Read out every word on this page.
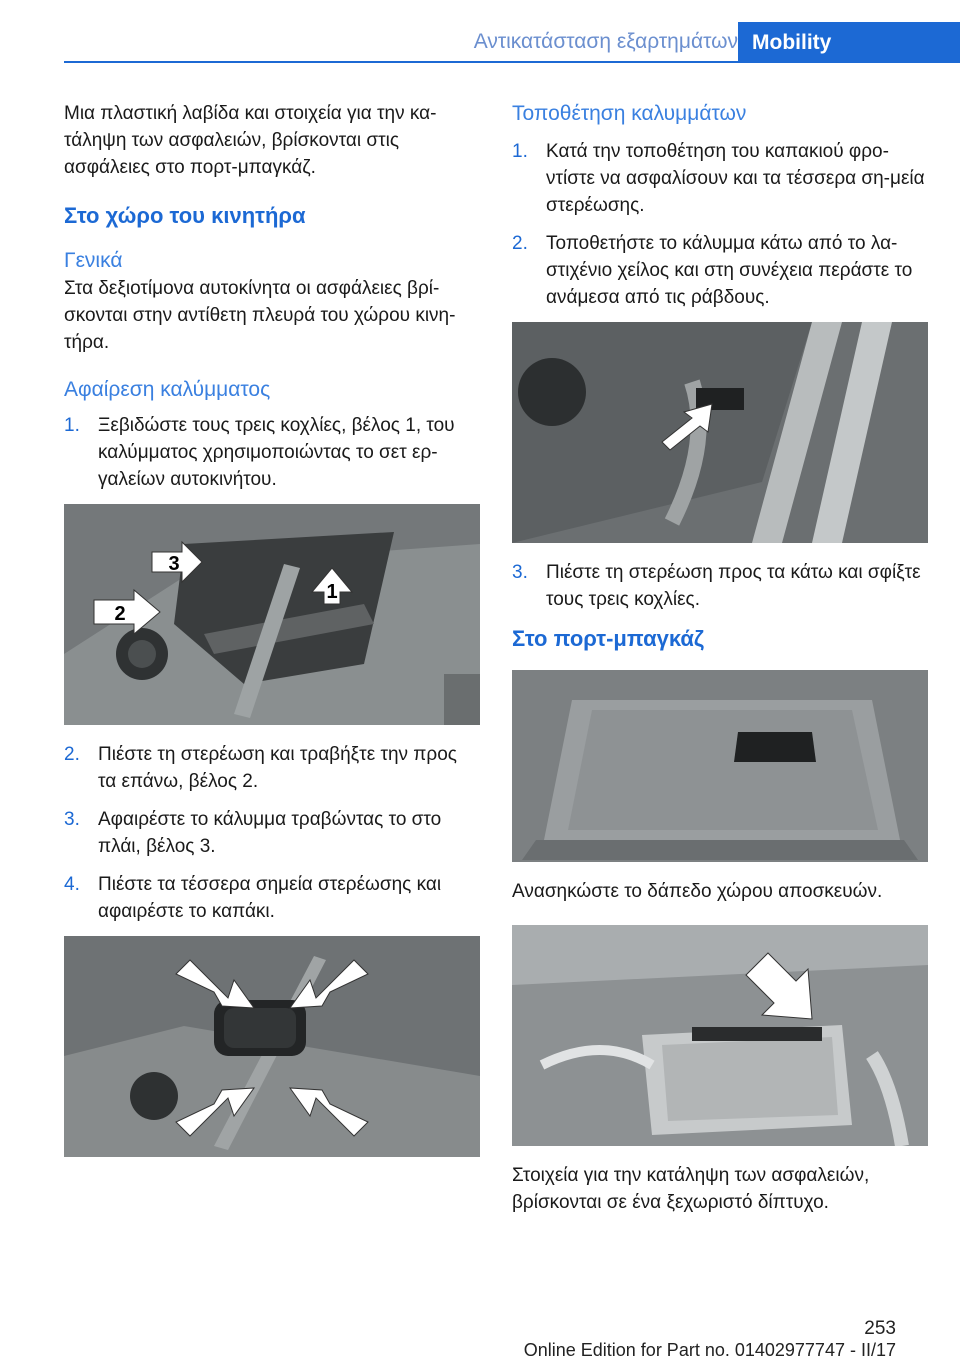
Αντικατάσταση εξαρτημάτων Mobility

Μια πλαστική λαβίδα και στοιχεία για την κα‐τάληψη των ασφαλειών, βρίσκονται στις ασφάλειες στο πορτ-μπαγκάζ.

Στο χώρο του κινητήρα
Γενικά

Στα δεξιοτίμονα αυτοκίνητα οι ασφάλειες βρί‐σκονται στην αντίθετη πλευρά του χώρου κινη‐τήρα.

Αφαίρεση καλύμματος
1. Ξεβιδώστε τους τρεις κοχλίες, βέλος 1, του καλύμματος χρησιμοποιώντας το σετ ερ‐γαλείων αυτοκινήτου.
1
2
3
2. Πιέστε τη στερέωση και τραβήξτε την προς τα επάνω, βέλος 2.
3. Αφαιρέστε το κάλυμμα τραβώντας το στο πλάι, βέλος 3.
4. Πιέστε τα τέσσερα σημεία στερέωσης και αφαιρέστε το καπάκι.
Τοποθέτηση καλυμμάτων
1. Κατά την τοποθέτηση του καπακιού φρο‐ντίστε να ασφαλίσουν και τα τέσσερα ση‐μεία στερέωσης.
2. Τοποθετήστε το κάλυμμα κάτω από το λα‐στιχένιο χείλος και στη συνέχεια περάστε το ανάμεσα από τις ράβδους.
3. Πιέστε τη στερέωση προς τα κάτω και σφίξτε τους τρεις κοχλίες.
Στο πορτ-μπαγκάζ

Ανασηκώστε το δάπεδο χώρου αποσκευών.

Στοιχεία για την κατάληψη των ασφαλειών, βρίσκονται σε ένα ξεχωριστό δίπτυχο.

253
Online Edition for Part no. 01402977747 - II/17
